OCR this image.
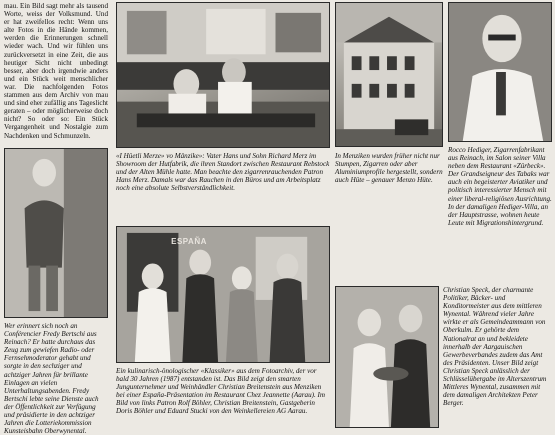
mau. Ein Bild sagt mehr als tausend Worte, weiss der Volksmund. Und er hat zweifellos recht: Wenn uns alte Fotos in die Hände kommen, werden die Erinnerungen schnell wieder wach. Und wir fühlen uns zurückversetzt in eine Zeit, die aus heutiger Sicht nicht unbedingt besser, aber doch irgendwie anders und ein Stück weit menschlicher war. Die nachfolgenden Fotos stammen aus dem Archiv von mau und sind eher zufällig ans Tageslicht geraten – oder möglicherweise doch nicht? So oder so: Ein Stück Vergangenheit und Nostalgie zum Nachdenken und Schmunzeln.
«I Hüetli Merze» vo Mänzike»: Vater Hans und Sohn Richard Merz im Showroom der Hutfabrik, die ihren Standort zwischen Restaurant Rebstock und der Alten Mühle hatte. Man beachte den zigarrenrauchenden Patron Hans Merz. Damals war das Rauchen in den Büros und am Arbeitsplatz noch eine absolute Selbstverständlichkeit.
In Menziken wurden früher nicht nur Stumpen, Zigarren oder aber Aluminiumprofile hergestellt, sondern auch Hüte – genauer Menzo Hüte.
Rocco Hediger, Zigarrenfabrikant aus Reinach, im Salon seiner Villa neben dem Restaurant «Zürbeck». Der Grandseigneur des Tabaks war auch ein begeisterter Aviatiker und politisch interessierter Mensch mit einer liberal-religiösen Ausrichtung. In der damaligen Hediger-Villa, an der Hauptstrasse, wohnen heute Leute mit Migrationshintergrund.
Wer erinnert sich noch an Conférencier Fredy Bertschi aus Reinach? Er hatte durchaus das Zeug zum gewiefen Radio- oder Fernsehmoderator gehabt und sorgte in den sechziger und achtziger Jahren für brillante Einlagen an vielen Unterhaltungsabenden. Fredy Bertschi lebte seine Dienste auch der Öffentlichkeit zur Verfügung und präsidierte in den achtziger Jahren die Lotteriekommission Kunsteisbahn Oberwynental.
ESPAÑA
Ein kulinarisch-önologischer «Klassiker» aus dem Fotoarchiv, der vor bald 30 Jahren (1987) entstanden ist. Das Bild zeigt den smarten Jungunternehmer und Weinhändler Christian Breitenstein aus Menziken bei einer Espaňa-Präsentation im Restaurant Chez Jeannette (Aarau). Im Bild von links Patron Rolf Böhler, Christian Breitenstein, Gastgeberin Doris Böhler und Eduard Stucki von den Weinkellereien AG Aarau.
Christian Speck, der charmante Politiker, Bäcker- und Konditormeister aus dem mittleren Wynental. Während vieler Jahre wirkte er als Gemeindeammann von Oberkulm. Er gehörte dem Nationalrat an und bekleidete innerhalb der Aargauischen Gewerbeverbandes zudem das Amt des Präsidenten. Unser Bild zeigt Christian Speck anlässlich der Schlüsselübergabe im Alterszentrum Mittleres Wynental, zusammen mit dem damaligen Architekten Peter Berger.
